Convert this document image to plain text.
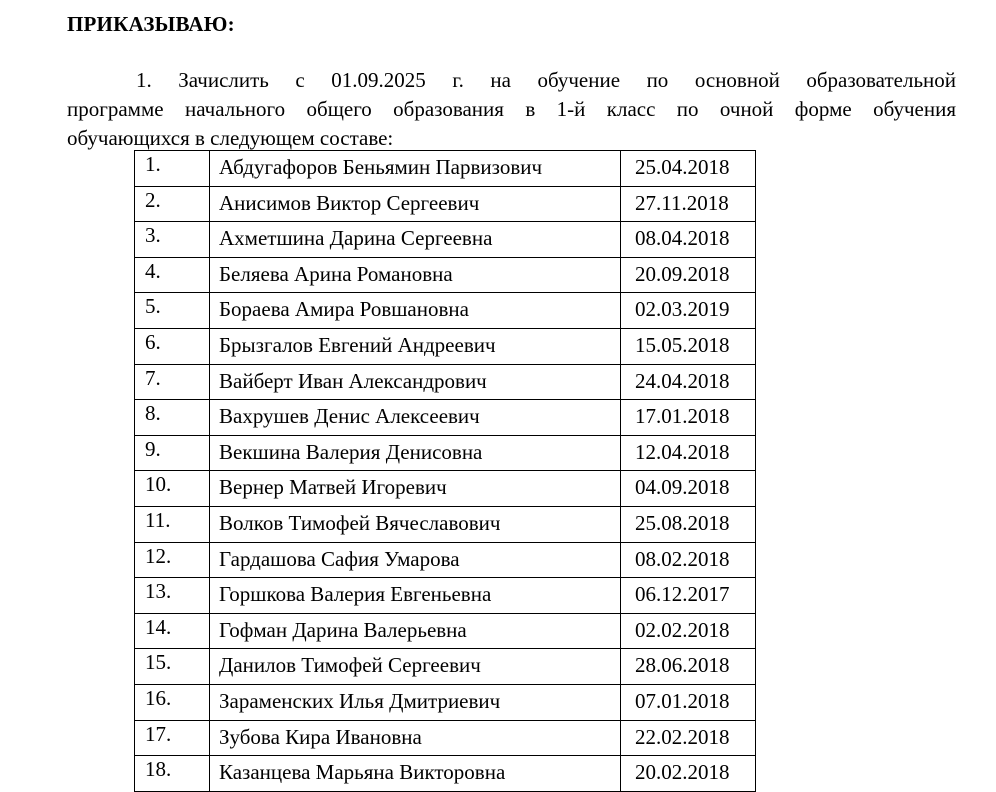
ПРИКАЗЫВАЮ:
1. Зачислить с 01.09.2025 г. на обучение по основной образовательной
программе начального общего образования в 1-й класс по очной форме обучения
обучающихся в следующем составе:
1.	Абдугафоров Беньямин Парвизович	25.04.2018
2.	Анисимов Виктор Сергеевич	27.11.2018
3.	Ахметшина Дарина Сергеевна	08.04.2018
4.	Беляева Арина Романовна	20.09.2018
5.	Бораева Амира Ровшановна	02.03.2019
6.	Брызгалов Евгений Андреевич	15.05.2018
7.	Вайберт Иван Александрович	24.04.2018
8.	Вахрушев Денис Алексеевич	17.01.2018
9.	Векшина Валерия Денисовна	12.04.2018
10.	Вернер Матвей Игоревич	04.09.2018
11.	Волков Тимофей Вячеславович	25.08.2018
12.	Гардашова Сафия Умарова	08.02.2018
13.	Горшкова Валерия Евгеньевна	06.12.2017
14.	Гофман Дарина Валерьевна	02.02.2018
15.	Данилов Тимофей Сергеевич	28.06.2018
16.	Зараменских Илья Дмитриевич	07.01.2018
17.	Зубова Кира Ивановна	22.02.2018
18.	Казанцева Марьяна Викторовна	20.02.2018
